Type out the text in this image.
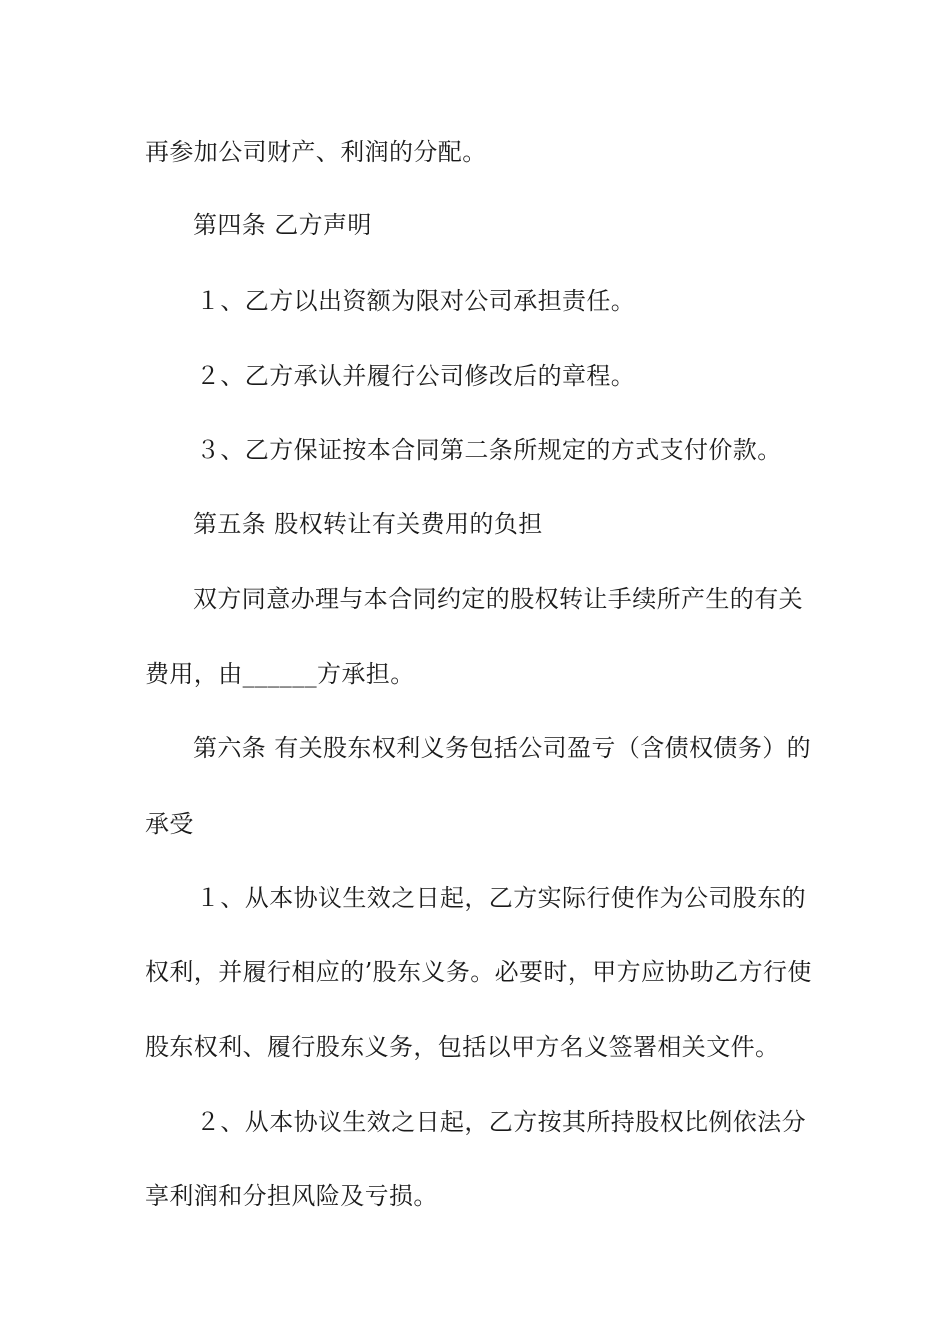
再参加公司财产、利润的分配。
第四条 乙方声明
１、乙方以出资额为限对公司承担责任。
２、乙方承认并履行公司修改后的章程。
３、乙方保证按本合同第二条所规定的方式支付价款。
第五条 股权转让有关费用的负担
双方同意办理与本合同约定的股权转让手续所产生的有关
费用，由______方承担。
第六条 有关股东权利义务包括公司盈亏（含债权债务）的
承受
１、从本协议生效之日起，乙方实际行使作为公司股东的
权利，并履行相应的’股东义务。必要时，甲方应协助乙方行使
股东权利、履行股东义务，包括以甲方名义签署相关文件。
２、从本协议生效之日起，乙方按其所持股权比例依法分
享利润和分担风险及亏损。
